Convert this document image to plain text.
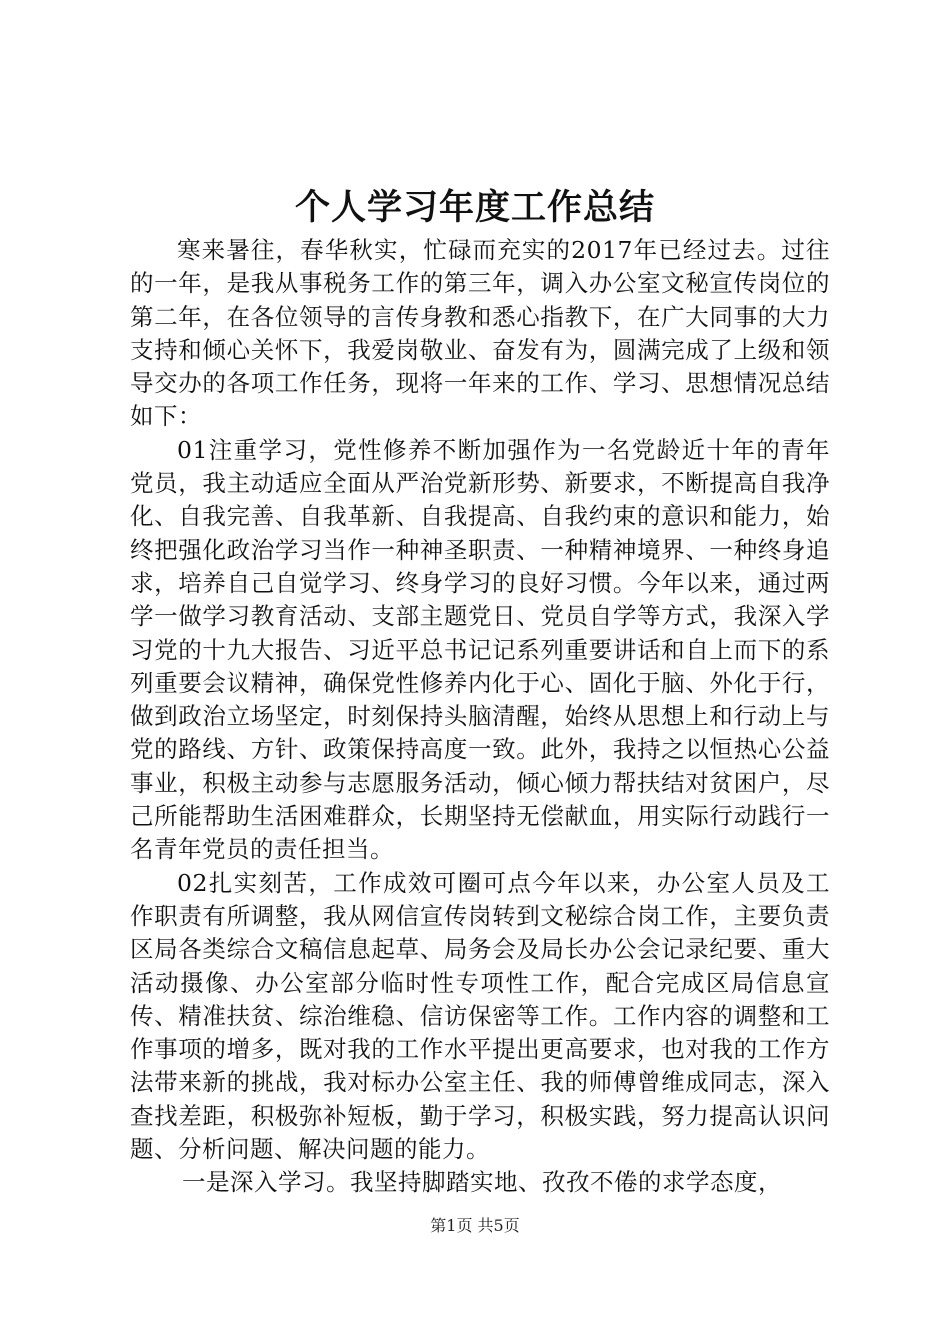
个人学习年度工作总结

寒来暑往，春华秋实，忙碌而充实的2017年已经过去。过往的一年，是我从事税务工作的第三年，调入办公室文秘宣传岗位的第二年，在各位领导的言传身教和悉心指教下，在广大同事的大力支持和倾心关怀下，我爱岗敬业、奋发有为，圆满完成了上级和领导交办的各项工作任务，现将一年来的工作、学习、思想情况总结如下：

01注重学习，党性修养不断加强作为一名党龄近十年的青年党员，我主动适应全面从严治党新形势、新要求，不断提高自我净化、自我完善、自我革新、自我提高、自我约束的意识和能力，始终把强化政治学习当作一种神圣职责、一种精神境界、一种终身追求，培养自己自觉学习、终身学习的良好习惯。今年以来，通过两学一做学习教育活动、支部主题党日、党员自学等方式，我深入学习党的十九大报告、习近平总书记记系列重要讲话和自上而下的系列重要会议精神，确保党性修养内化于心、固化于脑、外化于行，做到政治立场坚定，时刻保持头脑清醒，始终从思想上和行动上与党的路线、方针、政策保持高度一致。此外，我持之以恒热心公益事业，积极主动参与志愿服务活动，倾心倾力帮扶结对贫困户，尽己所能帮助生活困难群众，长期坚持无偿献血，用实际行动践行一名青年党员的责任担当。

02扎实刻苦，工作成效可圈可点今年以来，办公室人员及工作职责有所调整，我从网信宣传岗转到文秘综合岗工作，主要负责区局各类综合文稿信息起草、局务会及局长办公会记录纪要、重大活动摄像、办公室部分临时性专项性工作，配合完成区局信息宣传、精准扶贫、综治维稳、信访保密等工作。工作内容的调整和工作事项的增多，既对我的工作水平提出更高要求，也对我的工作方法带来新的挑战，我对标办公室主任、我的师傅曾维成同志，深入查找差距，积极弥补短板，勤于学习，积极实践，努力提高认识问题、分析问题、解决问题的能力。

一是深入学习。我坚持脚踏实地、孜孜不倦的求学态度，

第1页 共5页
